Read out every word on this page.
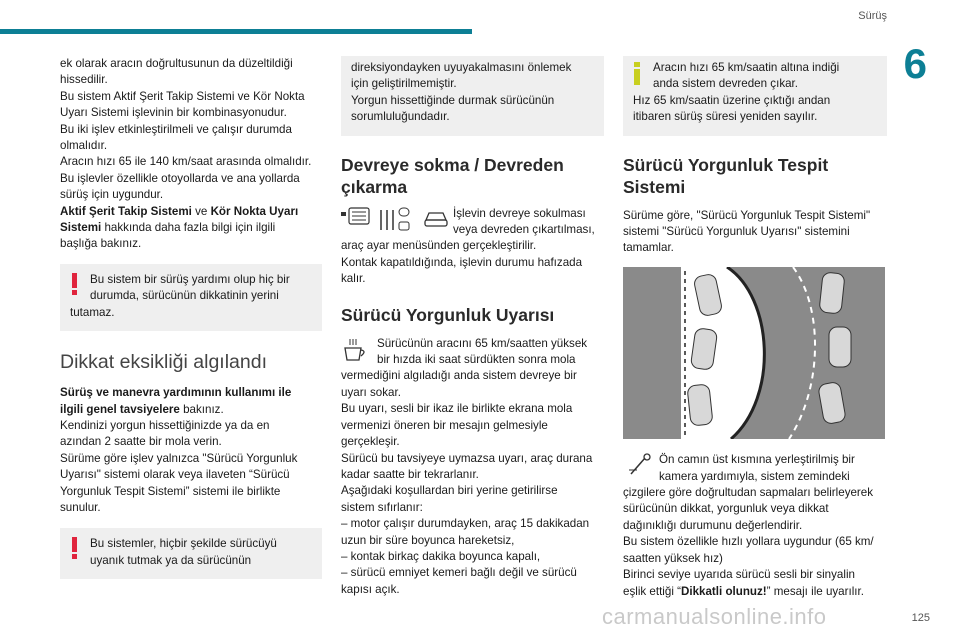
Sürüş
6

ek olarak aracın doğrultusunun da düzeltildiği
hissedilir.
Bu sistem Aktif Şerit Takip Sistemi ve Kör Nokta
Uyarı Sistemi işlevinin bir kombinasyonudur.
Bu iki işlev etkinleştirilmeli ve çalışır durumda
olmalıdır.
Aracın hızı 65 ile 140 km/saat arasında olmalıdır.
Bu işlevler özellikle otoyollarda ve ana yollarda
sürüş için uygundur.
Aktif Şerit Takip Sistemi ve Kör Nokta Uyarı
Sistemi hakkında daha fazla bilgi için ilgili
başlığa bakınız.

Bu sistem bir sürüş yardımı olup hiç bir
durumda, sürücünün dikkatinin yerini

tutamaz.

Dikkat eksikliği algılandı

Sürüş ve manevra yardımının kullanımı ile
ilgili genel tavsiyelere bakınız.
Kendinizi yorgun hissettiğinizde ya da en
azından 2 saatte bir mola verin.
Sürüme göre işlev yalnızca "Sürücü Yorgunluk
Uyarısı" sistemi olarak veya ilaveten “Sürücü
Yorgunluk Tespit Sistemi” sistemi ile birlikte
sunulur.

Bu sistemler, hiçbir şekilde sürücüyü
uyanık tutmak ya da sürücünün

direksiyondayken uyuyakalmasını önlemek
için geliştirilmemiştir.
Yorgun hissettiğinde durmak sürücünün
sorumluluğundadır.

Devreye sokma / Devreden
çıkarma

İşlevin devreye sokulması
veya devreden çıkartılması,

araç ayar menüsünden gerçekleştirilir.
Kontak kapatıldığında, işlevin durumu hafızada
kalır.

Sürücü Yorgunluk Uyarısı

Sürücünün aracını 65 km/saatten yüksek
bir hızda iki saat sürdükten sonra mola

vermediğini algıladığı anda sistem devreye bir
uyarı sokar.
Bu uyarı, sesli bir ikaz ile birlikte ekrana mola
vermenizi öneren bir mesajın gelmesiyle
gerçekleşir.
Sürücü bu tavsiyeye uymazsa uyarı, araç durana
kadar saatte bir tekrarlanır.
Aşağıdaki koşullardan biri yerine getirilirse
sistem sıfırlanır:
– motor çalışır durumdayken, araç 15 dakikadan
uzun bir süre boyunca hareketsiz,
– kontak birkaç dakika boyunca kapalı,
– sürücü emniyet kemeri bağlı değil ve sürücü
kapısı açık.

Aracın hızı 65 km/saatin altına indiği
anda sistem devreden çıkar.

Hız 65 km/saatin üzerine çıktığı andan
itibaren sürüş süresi yeniden sayılır.

Sürücü Yorgunluk Tespit
Sistemi

Sürüme göre, "Sürücü Yorgunluk Tespit Sistemi"
sistemi "Sürücü Yorgunluk Uyarısı" sistemini
tamamlar.

Ön camın üst kısmına yerleştirilmiş bir
kamera yardımıyla, sistem zemindeki

çizgilere göre doğrultudan sapmaları belirleyerek
sürücünün dikkat, yorgunluk veya dikkat
dağınıklığı durumunu değerlendirir.
Bu sistem özellikle hızlı yollara uygundur (65 km/
saatten yüksek hız)
Birinci seviye uyarıda sürücü sesli bir sinyalin
eşlik ettiği “Dikkatli olunuz!” mesajı ile uyarılır.

125
carmanualsonline.info
